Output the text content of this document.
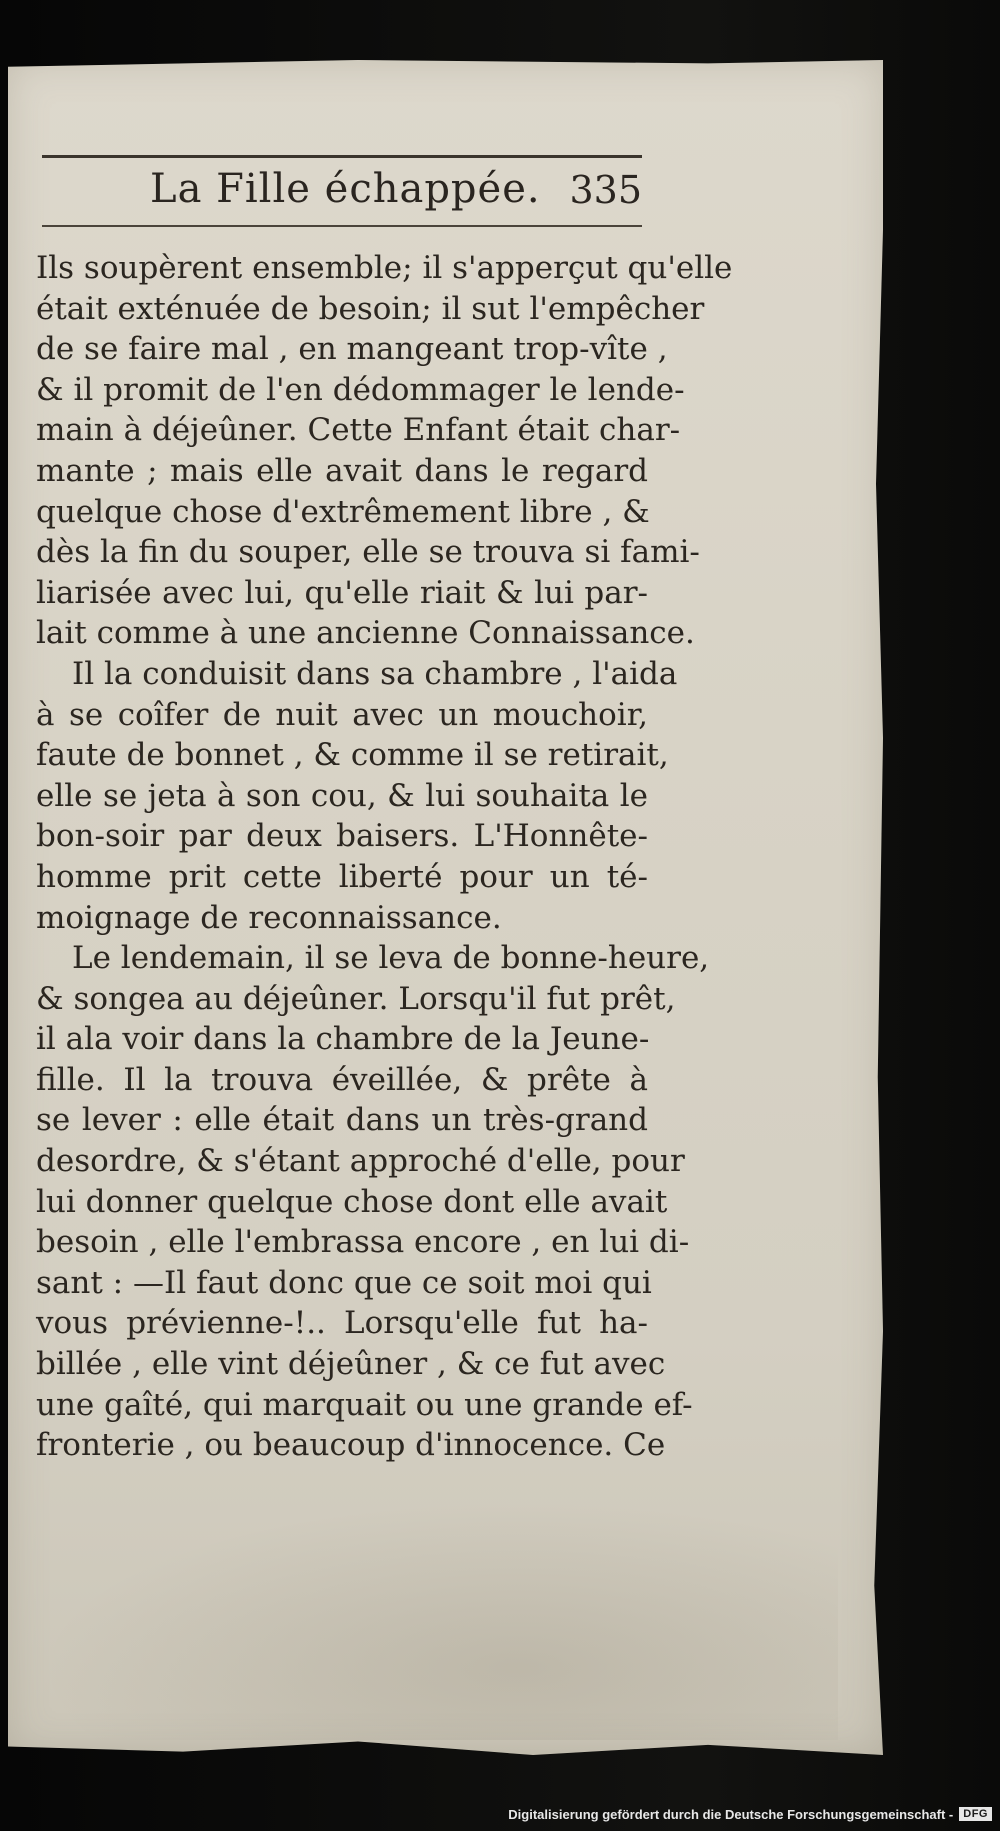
La Fille échappée. 335
Ils soupèrent ensemble; il s'apperçut qu'elle
était exténuée de besoin; il sut l'empêcher
de se faire mal , en mangeant trop-vîte ,
& il promit de l'en dédommager le lende-
main à déjeûner. Cette Enfant était char-
mante ; mais elle avait dans le regard
quelque chose d'extrêmement libre , &
dès la fin du souper, elle se trouva si fami-
liarisée avec lui, qu'elle riait & lui par-
lait comme à une ancienne Connaissance.
Il la conduisit dans sa chambre , l'aida
à se coîfer de nuit avec un mouchoir,
faute de bonnet , & comme il se retirait,
elle se jeta à son cou, & lui souhaita le
bon-soir par deux baisers. L'Honnête-
homme prit cette liberté pour un té-
moignage de reconnaissance.
Le lendemain, il se leva de bonne-heure,
& songea au déjeûner. Lorsqu'il fut prêt,
il ala voir dans la chambre de la Jeune-
fille. Il la trouva éveillée, & prête à
se lever : elle était dans un très-grand
desordre, & s'étant approché d'elle, pour
lui donner quelque chose dont elle avait
besoin , elle l'embrassa encore , en lui di-
sant : —Il faut donc que ce soit moi qui
vous prévienne-!.. Lorsqu'elle fut ha-
billée , elle vint déjeûner , & ce fut avec
une gaîté, qui marquait ou une grande ef-
fronterie , ou beaucoup d'innocence. Ce
Digitalisierung gefördert durch die Deutsche Forschungsgemeinschaft - DFG
